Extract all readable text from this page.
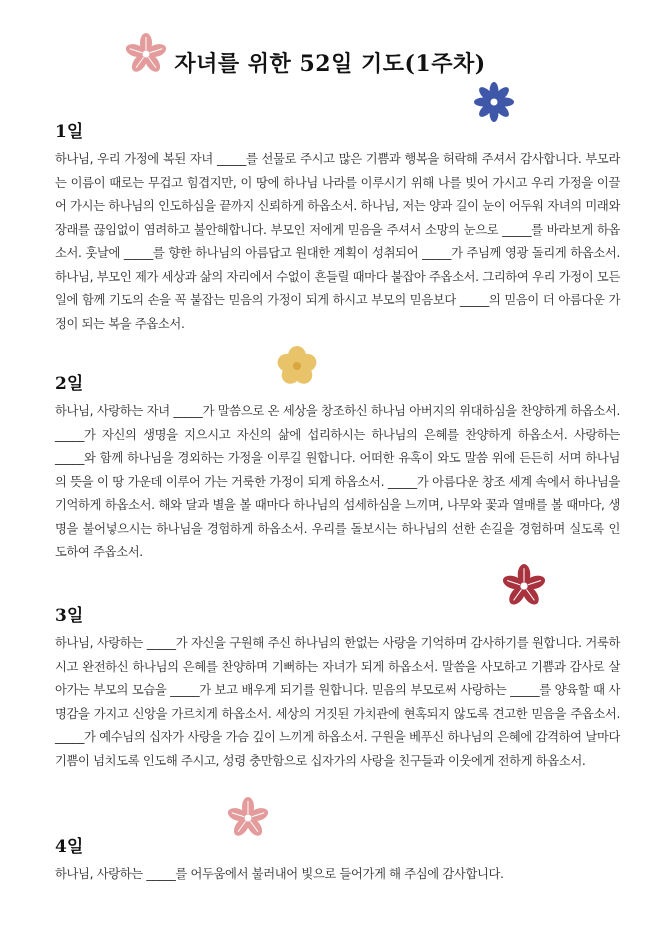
자녀를 위한 52일 기도(1주차)
1일

하나님, 우리 가정에 복된 자녀 _____를 선물로 주시고 많은 기쁨과 행복을 허락해 주셔서 감사합니다. 부모라는 이름이 때로는 무겁고 힘겹지만, 이 땅에 하나님 나라를 이루시기 위해 나를 빚어 가시고 우리 가정을 이끌어 가시는 하나님의 인도하심을 끝까지 신뢰하게 하옵소서. 하나님, 저는 양과 길이 눈이 어두워 자녀의 미래와 장래를 끊임없이 염려하고 불안해합니다. 부모인 저에게 믿음을 주셔서 소망의 눈으로 _____를 바라보게 하옵소서. 훗날에 _____를 향한 하나님의 아름답고 원대한 계획이 성취되어 _____가 주님께 영광 돌리게 하옵소서. 하나님, 부모인 제가 세상과 삶의 자리에서 수없이 흔들릴 때마다 붙잡아 주옵소서. 그리하여 우리 가정이 모든 일에 함께 기도의 손을 꼭 붙잡는 믿음의 가정이 되게 하시고 부모의 믿음보다 _____의 믿음이 더 아름다운 가정이 되는 복을 주옵소서.

2일

하나님, 사랑하는 자녀 _____가 말씀으로 온 세상을 창조하신 하나님 아버지의 위대하심을 찬양하게 하옵소서. _____가 자신의 생명을 지으시고 자신의 삶에 섭리하시는 하나님의 은혜를 찬양하게 하옵소서. 사랑하는 _____와 함께 하나님을 경외하는 가정을 이루길 원합니다. 어떠한 유혹이 와도 말씀 위에 든든히 서며 하나님의 뜻을 이 땅 가운데 이루어 가는 거룩한 가정이 되게 하옵소서. _____가 아름다운 창조 세계 속에서 하나님을 기억하게 하옵소서. 해와 달과 별을 볼 때마다 하나님의 섬세하심을 느끼며, 나무와 꽃과 열매를 볼 때마다, 생명을 불어넣으시는 하나님을 경험하게 하옵소서. 우리를 돌보시는 하나님의 선한 손길을 경험하며 실도록 인도하여 주옵소서.

3일

하나님, 사랑하는 _____가 자신을 구원해 주신 하나님의 한없는 사랑을 기억하며 감사하기를 원합니다. 거룩하시고 완전하신 하나님의 은혜를 찬양하며 기뻐하는 자녀가 되게 하옵소서. 말씀을 사모하고 기쁨과 감사로 살아가는 부모의 모습을 _____가 보고 배우게 되기를 원합니다. 믿음의 부모로써 사랑하는 _____를 양육할 때 사명감을 가지고 신앙을 가르치게 하옵소서. 세상의 거짓된 가치관에 현혹되지 않도록 견고한 믿음을 주옵소서. _____가 예수님의 십자가 사랑을 가슴 깊이 느끼게 하옵소서. 구원을 베푸신 하나님의 은혜에 감격하여 날마다 기쁨이 넘치도록 인도해 주시고, 성령 충만함으로 십자가의 사랑을 친구들과 이웃에게 전하게 하옵소서.

4일

하나님, 사랑하는 _____를 어두움에서 불러내어 빛으로 들어가게 해 주심에 감사합니다.
